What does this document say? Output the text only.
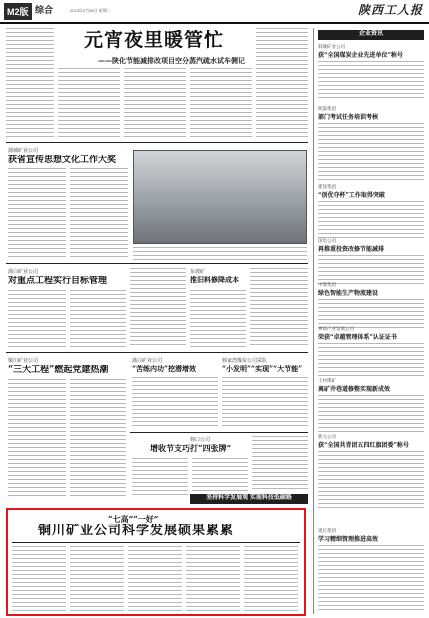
M2版 综合	2013年2月26日 星期二	陕西工人报
元宵夜里暖管忙
——陕化节能减排改项目空分蒸汽疏水试车侧记
蒲城矿业公司
获省宣传思想文化工作大奖
蒲白矿业公司
对重点工程实行目标管理
东坡矿
推旧料修降成本
铜川矿业公司
“三大工程”燃起党建热潮
蒲白矿业公司
“苦练内功”挖潜增效
韩家湾煤炭公司采队
“小发明”“实现”“大节能”
韩口公司
增收节支巧打“四张牌”
坚持科学发展观 实现科技低碳路
“七高”“一好”
铜川矿业公司科学发展硕果累累
企业资讯
韩城矿业公司
获“全国煤炭企业先进单位”称号
陕鼓集团
部门考试任务培训考核
建设集团
“创优夺杯”工作取得突破
国电公司
再推重投资改修节能减排
中煤集团
绿色智能生产物流建设
神南产业发展公司
荣获“卓越管理体系”认证证书
王村煤矿
离矿井巷道修整实现新成效
新元公司
获“全国共青团五四红旗团委”称号
延长集团
学习精细管理推进高效
